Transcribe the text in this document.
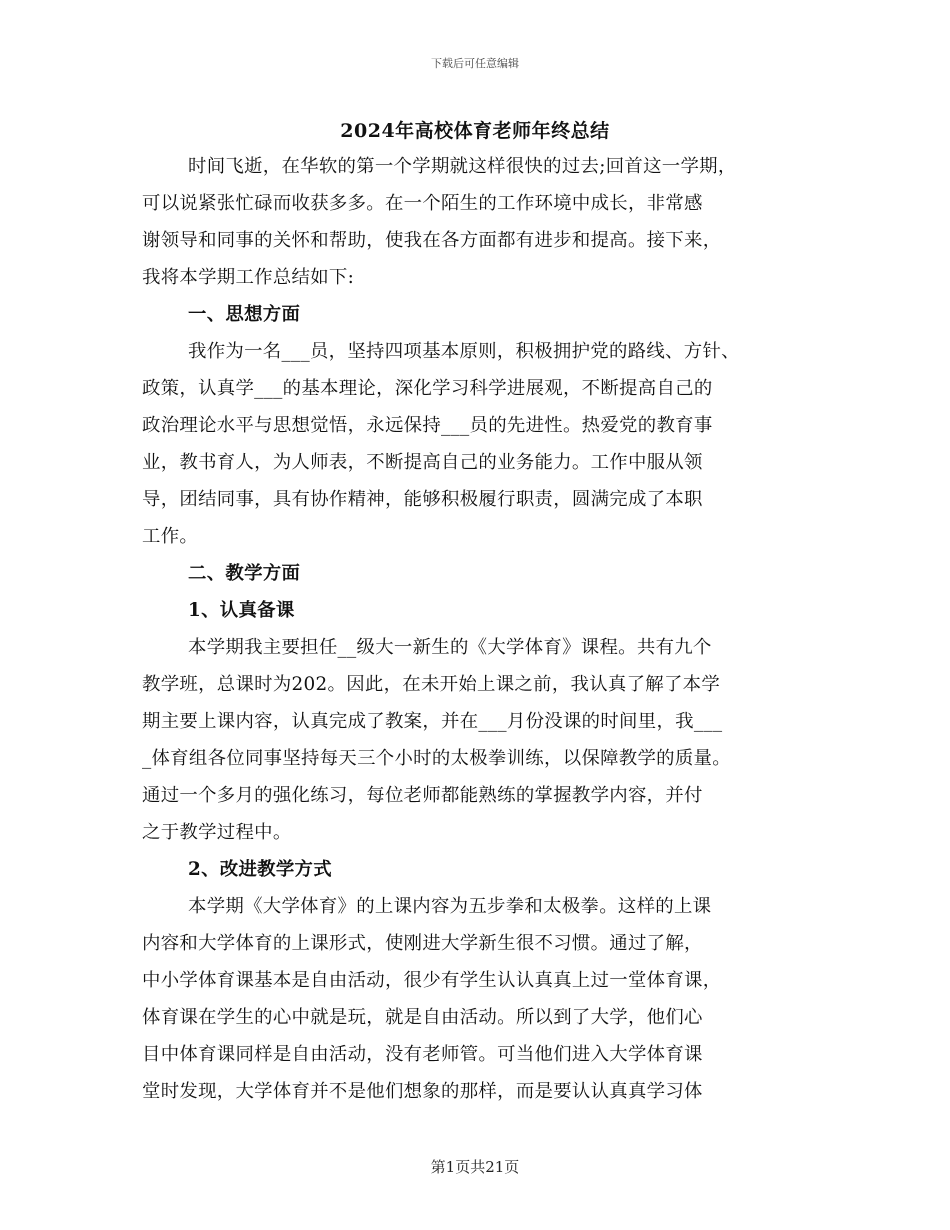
下载后可任意编辑
2024年高校体育老师年终总结
时间飞逝，在华软的第一个学期就这样很快的过去;回首这一学期，
可以说紧张忙碌而收获多多。在一个陌生的工作环境中成长，非常感
谢领导和同事的关怀和帮助，使我在各方面都有进步和提高。接下来，
我将本学期工作总结如下:
一、思想方面
我作为一名___员，坚持四项基本原则，积极拥护党的路线、方针、
政策，认真学___的基本理论，深化学习科学进展观，不断提高自己的
政治理论水平与思想觉悟，永远保持___员的先进性。热爱党的教育事
业，教书育人，为人师表，不断提高自己的业务能力。工作中服从领
导，团结同事，具有协作精神，能够积极履行职责，圆满完成了本职
工作。
二、教学方面
1、认真备课
本学期我主要担任__级大一新生的《大学体育》课程。共有九个
教学班，总课时为202。因此，在未开始上课之前，我认真了解了本学
期主要上课内容，认真完成了教案，并在___月份没课的时间里，我___
_体育组各位同事坚持每天三个小时的太极拳训练，以保障教学的质量。
通过一个多月的强化练习，每位老师都能熟练的掌握教学内容，并付
之于教学过程中。
2、改进教学方式
本学期《大学体育》的上课内容为五步拳和太极拳。这样的上课
内容和大学体育的上课形式，使刚进大学新生很不习惯。通过了解，
中小学体育课基本是自由活动，很少有学生认认真真上过一堂体育课，
体育课在学生的心中就是玩，就是自由活动。所以到了大学，他们心
目中体育课同样是自由活动，没有老师管。可当他们进入大学体育课
堂时发现，大学体育并不是他们想象的那样，而是要认认真真学习体
第1页共21页
